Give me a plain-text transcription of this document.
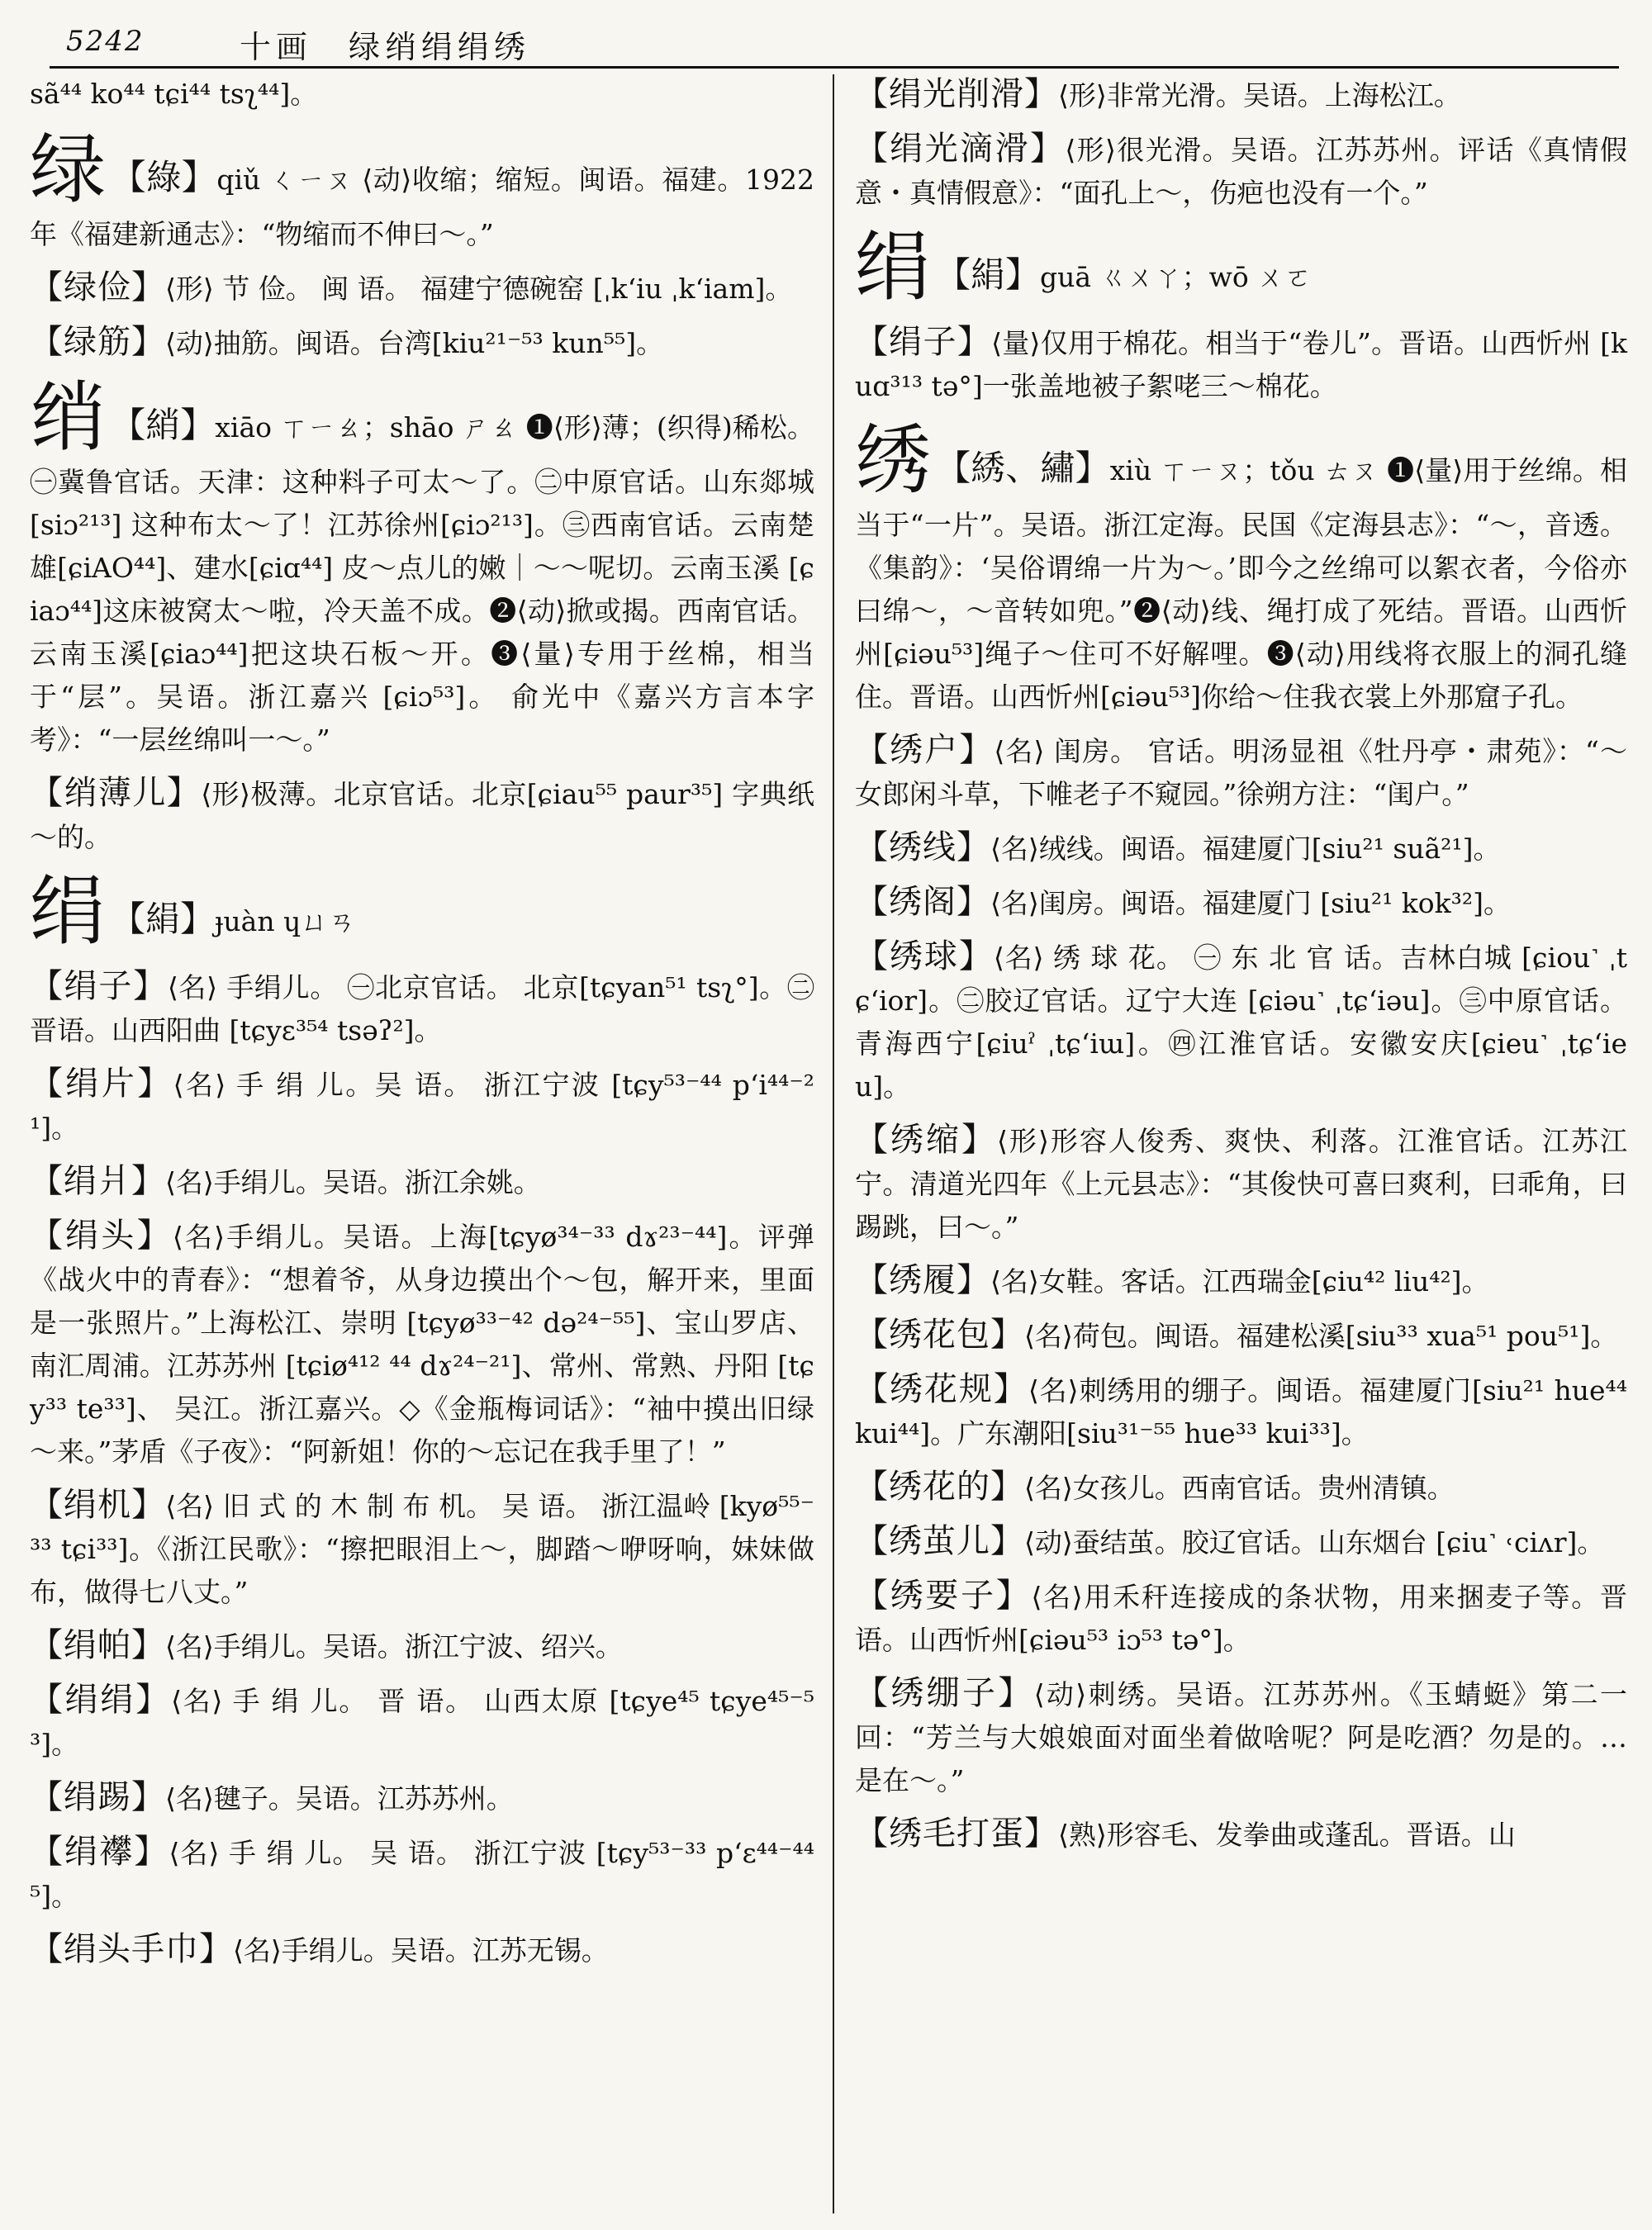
5242	十画　绿绡绢绢绣
sã⁴⁴ ko⁴⁴ tɕi⁴⁴ tsʅ⁴⁴]。
绿 【綠】qiǔ ㄑㄧㄡ ⟨动⟩收缩；缩短。闽语。福建。1922年《福建新通志》：“物缩而不伸曰～。”
【绿俭】⟨形⟩ 节 俭。 闽 语。 福建宁德碗窑 [ˌk‘iu ˌk‘iam]。
【绿筋】⟨动⟩抽筋。闽语。台湾[kiu²¹⁻⁵³ kun⁵⁵]。
绡 【綃】xiāo ㄒㄧㄠ；shāo ㄕㄠ ❶⟨形⟩薄；(织得)稀松。㊀冀鲁官话。天津：这种料子可太～了。㊁中原官话。山东郯城 [siɔ²¹³] 这种布太～了！江苏徐州[ɕiɔ²¹³]。㊂西南官话。云南楚雄[ɕiAO⁴⁴]、建水[ɕiɑ⁴⁴] 皮～点儿的嫩｜～～呢切。云南玉溪 [ɕiaɔ⁴⁴]这床被窝太～啦，冷天盖不成。❷⟨动⟩掀或揭。西南官话。云南玉溪[ɕiaɔ⁴⁴]把这块石板～开。❸⟨量⟩专用于丝棉，相当于“层”。吴语。浙江嘉兴 [ɕiɔ⁵³]。 俞光中《嘉兴方言本字考》：“一层丝绵叫一～。”
【绡薄儿】⟨形⟩极薄。北京官话。北京[ɕiau⁵⁵ paur³⁵] 字典纸～的。
绢 【絹】ɟuàn ɥㄩㄢ
【绢子】⟨名⟩ 手绢儿。 ㊀北京官话。 北京[tɕyan⁵¹ tsʅ°]。㊁晋语。山西阳曲 [tɕyɛ³⁵⁴ tsəʔ²]。
【绢片】⟨名⟩ 手 绢 儿。吴 语。 浙江宁波 [tɕy⁵³⁻⁴⁴ p‘i⁴⁴⁻²¹]。
【绢爿】⟨名⟩手绢儿。吴语。浙江余姚。
【绢头】⟨名⟩手绢儿。吴语。上海[tɕyø³⁴⁻³³ dɤ²³⁻⁴⁴]。评弹《战火中的青春》：“想着爷，从身边摸出个～包，解开来，里面是一张照片。”上海松江、崇明 [tɕyø³³⁻⁴² də²⁴⁻⁵⁵]、宝山罗店、南汇周浦。江苏苏州 [tɕiø⁴¹² ⁴⁴ dɤ²⁴⁻²¹]、常州、常熟、丹阳 [tɕy³³ te³³]、 吴江。浙江嘉兴。◇《金瓶梅词话》：“袖中摸出旧绿～来。”茅盾《子夜》：“阿新姐！你的～忘记在我手里了！”
【绢机】⟨名⟩ 旧 式 的 木 制 布 机。 吴 语。 浙江温岭 [kyø⁵⁵⁻³³ tɕi³³]。《浙江民歌》：“擦把眼泪上～，脚踏～咿呀响，妹妹做布，做得七八丈。”
【绢帕】⟨名⟩手绢儿。吴语。浙江宁波、绍兴。
【绢绢】⟨名⟩ 手 绢 儿。 晋 语。 山西太原 [tɕye⁴⁵ tɕye⁴⁵⁻⁵³]。
【绢踢】⟨名⟩毽子。吴语。江苏苏州。
【绢襻】⟨名⟩ 手 绢 儿。 吴 语。 浙江宁波 [tɕy⁵³⁻³³ p‘ɛ⁴⁴⁻⁴⁴⁵]。
【绢头手巾】⟨名⟩手绢儿。吴语。江苏无锡。
【绢光削滑】⟨形⟩非常光滑。吴语。上海松江。
【绢光滴滑】⟨形⟩很光滑。吴语。江苏苏州。评话《真情假意・真情假意》：“面孔上～，伤疤也没有一个。”
绢 【絹】guā ㄍㄨㄚ；wō ㄨㄛ
【绢子】⟨量⟩仅用于棉花。相当于“卷儿”。晋语。山西忻州 [kuɑ³¹³ tə°]一张盖地被子絮咾三～棉花。
绣 【綉、繡】xiù ㄒㄧㄡ；tǒu ㄊㄡ ❶⟨量⟩用于丝绵。相当于“一片”。吴语。浙江定海。民国《定海县志》：“～，音透。《集韵》：‘吴俗谓绵一片为～。’即今之丝绵可以絮衣者，今俗亦曰绵～，～音转如兜。”❷⟨动⟩线、绳打成了死结。晋语。山西忻州[ɕiəu⁵³]绳子～住可不好解哩。❸⟨动⟩用线将衣服上的洞孔缝住。晋语。山西忻州[ɕiəu⁵³]你给～住我衣裳上外那窟子孔。
【绣户】⟨名⟩ 闺房。 官话。明汤显祖《牡丹亭・肃苑》：“～女郎闲斗草，下帷老子不窥园。”徐朔方注：“闺户。”
【绣线】⟨名⟩绒线。闽语。福建厦门[siu²¹ suã²¹]。
【绣阁】⟨名⟩闺房。闽语。福建厦门 [siu²¹ kok³²]。
【绣球】⟨名⟩ 绣 球 花。 ㊀ 东 北 官 话。吉林白城 [ɕiou˺ ˌtɕ‘ior]。㊁胶辽官话。辽宁大连 [ɕiəu˺ ˌtɕ‘iəu]。㊂中原官话。青海西宁[ɕiuˀ ˌtɕ‘iɯ]。㊃江淮官话。安徽安庆[ɕieu˺ ˌtɕ‘ieu]。
【绣缩】⟨形⟩形容人俊秀、爽快、利落。江淮官话。江苏江宁。清道光四年《上元县志》：“其俊快可喜曰爽利，曰乖角，曰踢跳，曰～。”
【绣履】⟨名⟩女鞋。客话。江西瑞金[ɕiu⁴² liu⁴²]。
【绣花包】⟨名⟩荷包。闽语。福建松溪[siu³³ xua⁵¹ pou⁵¹]。
【绣花规】⟨名⟩刺绣用的绷子。闽语。福建厦门[siu²¹ hue⁴⁴ kui⁴⁴]。广东潮阳[siu³¹⁻⁵⁵ hue³³ kui³³]。
【绣花的】⟨名⟩女孩儿。西南官话。贵州清镇。
【绣茧儿】⟨动⟩蚕结茧。胶辽官话。山东烟台 [ɕiu˺ ˓ciʌr]。
【绣要子】⟨名⟩用禾秆连接成的条状物，用来捆麦子等。晋语。山西忻州[ɕiəu⁵³ iɔ⁵³ tə°]。
【绣绷子】⟨动⟩刺绣。吴语。江苏苏州。《玉蜻蜓》第二一回：“芳兰与大娘娘面对面坐着做啥呢？阿是吃酒？勿是的。…是在～。”
【绣毛打蛋】⟨熟⟩形容毛、发拳曲或蓬乱。晋语。山
